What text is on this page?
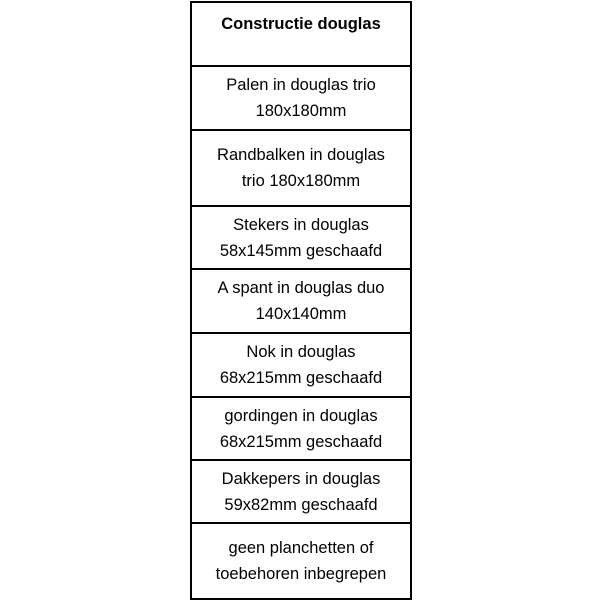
Constructie douglas
Palen in douglas trio
180x180mm
Randbalken in douglas
trio 180x180mm
Stekers in douglas
58x145mm geschaafd
A spant in douglas duo
140x140mm
Nok in douglas
68x215mm geschaafd
gordingen in douglas
68x215mm geschaafd
Dakkepers in douglas
59x82mm geschaafd
geen planchetten of
toebehoren inbegrepen
